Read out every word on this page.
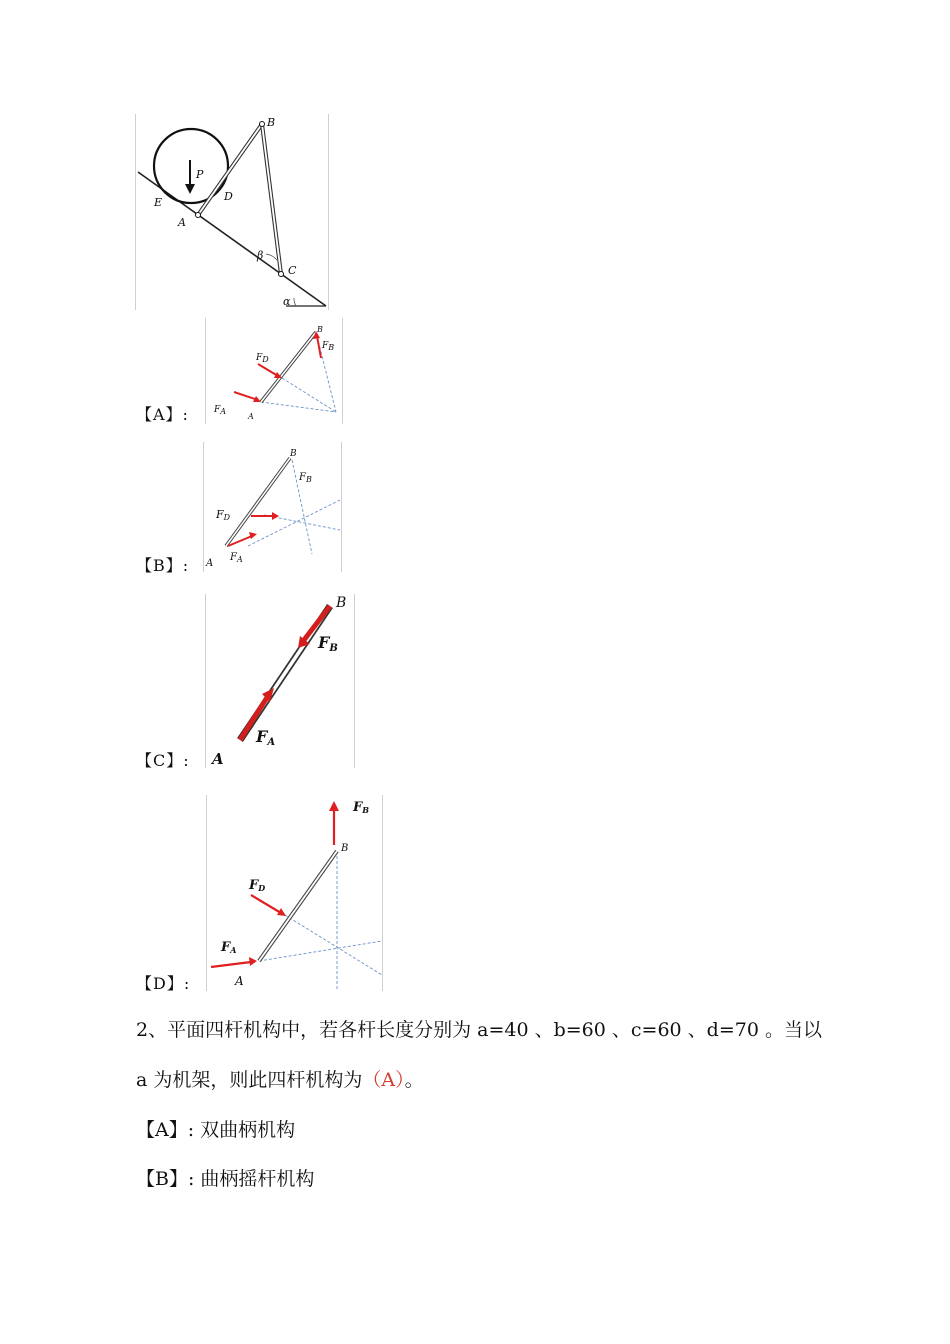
B
P
D
E
A
β
C
α
【A】:
B
FB
FD
FA
A
【B】:
B
$F_B$
FD
$F_A$
A
【C】:
B
FB
FA
A
【D】:
FB
B
FD
FA
A
2、平面四杆机构中，若各杆长度分别为 a=40 、b=60 、c=60 、d=70 。当以
a 为机架，则此四杆机构为（A）。
【A】: 双曲柄机构
【B】: 曲柄摇杆机构
